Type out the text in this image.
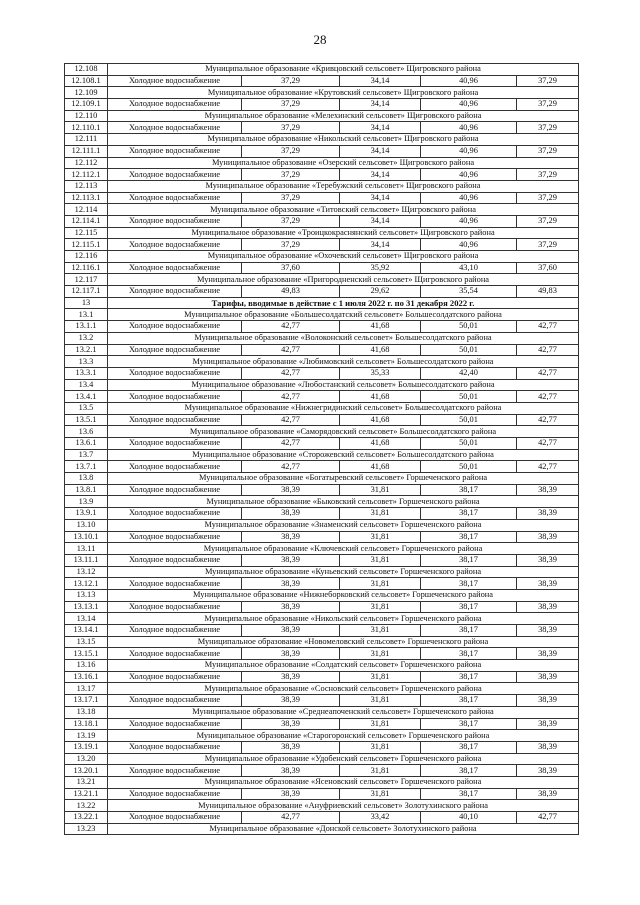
28
12.108	Муниципальное образование «Кривцовский сельсовет» Щигровского района				
12.108.1	Холодное водоснабжение	37,29	34,14	40,96	37,29
12.109	Муниципальное образование «Крутовский сельсовет» Щигровского района				
12.109.1	Холодное водоснабжение	37,29	34,14	40,96	37,29
12.110	Муниципальное образование «Мелехинский сельсовет» Щигровского района				
12.110.1	Холодное водоснабжение	37,29	34,14	40,96	37,29
12.111	Муниципальное образование «Никольский сельсовет» Щигровского района				
12.111.1	Холодное водоснабжение	37,29	34,14	40,96	37,29
12.112	Муниципальное образование «Озерский сельсовет» Щигровского района				
12.112.1	Холодное водоснабжение	37,29	34,14	40,96	37,29
12.113	Муниципальное образование «Теребужский сельсовет» Щигровского района				
12.113.1	Холодное водоснабжение	37,29	34,14	40,96	37,29
12.114	Муниципальное образование «Титовский сельсовет» Щигровского района				
12.114.1	Холодное водоснабжение	37,29	34,14	40,96	37,29
12.115	Муниципальное образование «Троицкокраснянский сельсовет» Щигровского района				
12.115.1	Холодное водоснабжение	37,29	34,14	40,96	37,29
12.116	Муниципальное образование «Охочевский сельсовет» Щигровского района				
12.116.1	Холодное водоснабжение	37,60	35,92	43,10	37,60
12.117	Муниципальное образование «Пригородненский сельсовет» Щигровского района				
12.117.1	Холодное водоснабжение	49,83	29,62	35,54	49,83
13	Тарифы, вводимые в действие с 1 июля 2022 г. по 31 декабря 2022 г.				
13.1	Муниципальное образование «Большесолдатский сельсовет» Большесолдатского района				
13.1.1	Холодное водоснабжение	42,77	41,68	50,01	42,77
13.2	Муниципальное образование «Волоконский сельсовет» Большесолдатского района				
13.2.1	Холодное водоснабжение	42,77	41,68	50,01	42,77
13.3	Муниципальное образование «Любимовский сельсовет» Большесолдатского района				
13.3.1	Холодное водоснабжение	42,77	35,33	42,40	42,77
13.4	Муниципальное образование «Любостанский сельсовет» Большесолдатского района				
13.4.1	Холодное водоснабжение	42,77	41,68	50,01	42,77
13.5	Муниципальное образование «Нижнегридинский сельсовет» Большесолдатского района				
13.5.1	Холодное водоснабжение	42,77	41,68	50,01	42,77
13.6	Муниципальное образование «Саморядовский сельсовет» Большесолдатского района				
13.6.1	Холодное водоснабжение	42,77	41,68	50,01	42,77
13.7	Муниципальное образование «Сторожевский сельсовет» Большесолдатского района				
13.7.1	Холодное водоснабжение	42,77	41,68	50,01	42,77
13.8	Муниципальное образование «Богатыревский сельсовет» Горшеченского района				
13.8.1	Холодное водоснабжение	38,39	31,81	38,17	38,39
13.9	Муниципальное образование «Быковский сельсовет» Горшеченского района				
13.9.1	Холодное водоснабжение	38,39	31,81	38,17	38,39
13.10	Муниципальное образование «Знаменский сельсовет» Горшеченского района				
13.10.1	Холодное водоснабжение	38,39	31,81	38,17	38,39
13.11	Муниципальное образование «Ключевский сельсовет» Горшеченского района				
13.11.1	Холодное водоснабжение	38,39	31,81	38,17	38,39
13.12	Муниципальное образование «Куньевский сельсовет» Горшеченского района				
13.12.1	Холодное водоснабжение	38,39	31,81	38,17	38,39
13.13	Муниципальное образование «Нижнеборковский сельсовет» Горшеченского района				
13.13.1	Холодное водоснабжение	38,39	31,81	38,17	38,39
13.14	Муниципальное образование «Никольский сельсовет» Горшеченского района				
13.14.1	Холодное водоснабжение	38,39	31,81	38,17	38,39
13.15	Муниципальное образование «Новомеловский сельсовет» Горшеченского района				
13.15.1	Холодное водоснабжение	38,39	31,81	38,17	38,39
13.16	Муниципальное образование «Солдатский сельсовет» Горшеченского района				
13.16.1	Холодное водоснабжение	38,39	31,81	38,17	38,39
13.17	Муниципальное образование «Сосновский сельсовет» Горшеченского района				
13.17.1	Холодное водоснабжение	38,39	31,81	38,17	38,39
13.18	Муниципальное образование «Среднеапоченский сельсовет» Горшеченского района				
13.18.1	Холодное водоснабжение	38,39	31,81	38,17	38,39
13.19	Муниципальное образование «Старогоронский сельсовет» Горшеченского района				
13.19.1	Холодное водоснабжение	38,39	31,81	38,17	38,39
13.20	Муниципальное образование «Удобенский сельсовет» Горшеченского района				
13.20.1	Холодное водоснабжение	38,39	31,81	38,17	38,39
13.21	Муниципальное образование «Ясеновский сельсовет» Горшеченского района				
13.21.1	Холодное водоснабжение	38,39	31,81	38,17	38,39
13.22	Муниципальное образование «Ануфриевский сельсовет» Золотухинского района				
13.22.1	Холодное водоснабжение	42,77	33,42	40,10	42,77
13.23	Муниципальное образование «Донской сельсовет» Золотухинского района				
